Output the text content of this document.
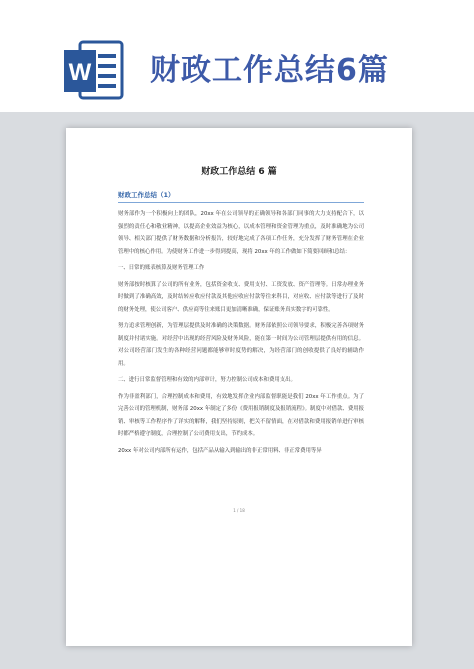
W 财政工作总结6篇
财政工作总结 6 篇
财政工作总结（1）

财务部作为一个积极向上的团队，20xx 年在公司领导的正确领导和各部门同事的大力支持配合下，以强烈的责任心和敬业精神，以提高企业效益为核心，以成本管理和资金管理为重点，及时准确地为公司领导、相关部门提供了财务数据和分析报告，较好地完成了各项工作任务，充分发挥了财务管理在企业管理中的核心作用。为使财务工作进一步得到提高，现将 20xx 年的工作做如下简要回顾和总结：

一、日常的账表核算及财务管理工作

财务部按时核算了公司的所有业务，包括资金收支、费用支付、工资发放、资产管理等。日常办理业务时做到了准确高效，及时结转应收应付款及其他应收应付款等往来科目，对应收、应付款等进行了及时的财务处理，使公司客户、供应商等往来账目更加清晰准确，保证账务真实数字的可靠性。

努力追求管理创新，为管理层提供及时准确的决策数据。财务部依照公司领导要求，积极完善各项财务制度并付诸实施。对经营中出现的经营风险及财务风险，能在第一时间为公司管理层提供有用的信息。对公司经营部门发生的各种经营问题都能够审时度势的解决，为经营部门的创收提供了良好的辅助作用。

二、进行日常监督管理和有效的内部审计，努力控制公司成本和费用支出。

作为非盈利部门，合理控制成本和费用，有效地发挥企业内部监督职能是我们 20xx 年工作重点。为了完善公司的管理机制，财务部 20xx 年制定了多份《费用报销制度及报销流程》。制度中对借款、费用报销、审核等工作程序作了详实的解释，我们坚持原则，把关不留情面，在对借款和费用报销单进行审核时都严格遵守制度，合理控制了公司费用支出，节约成本。

20xx 年对公司内部所有运作，包括产品从输入到输出的非正常用料、非正常费用等异

1 / 18
